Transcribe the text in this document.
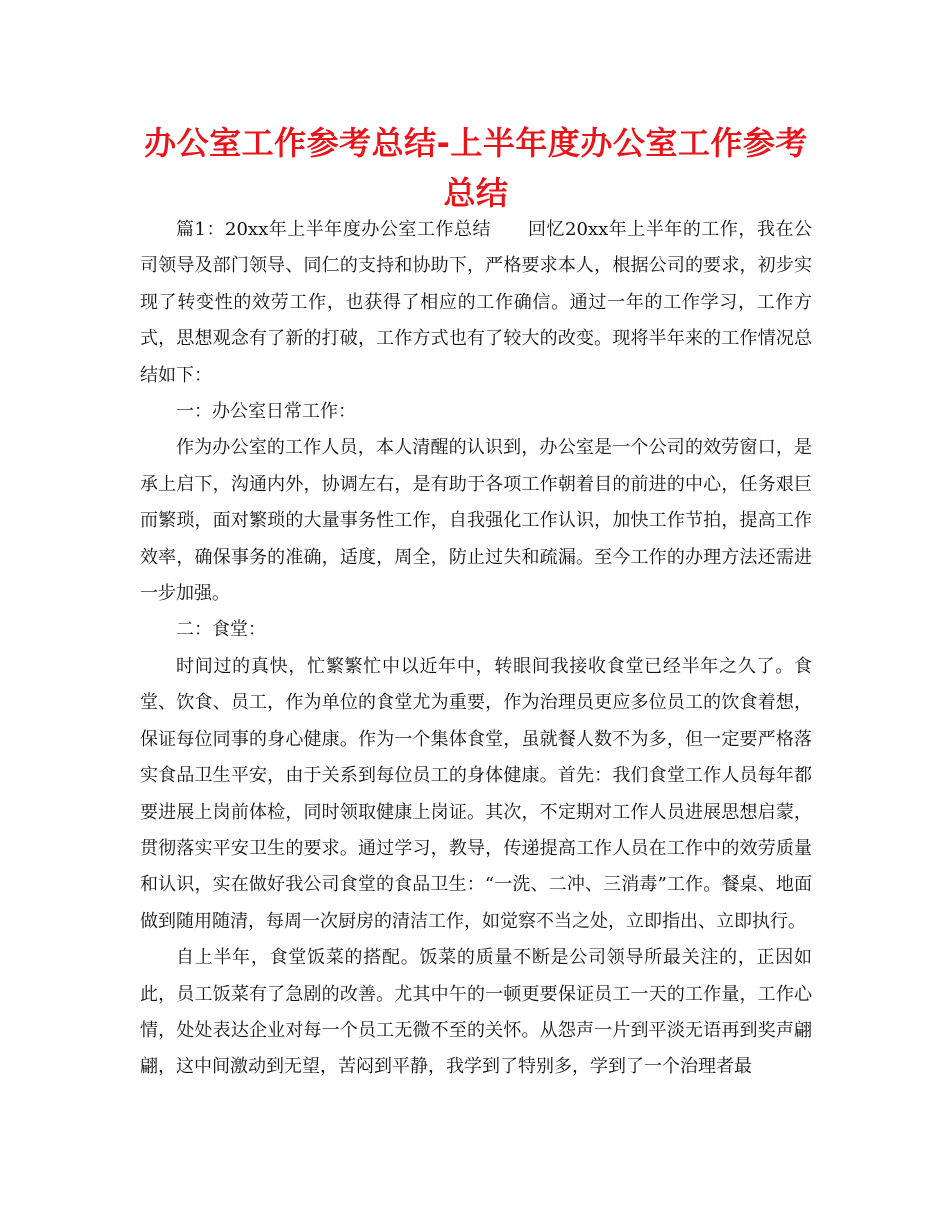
办公室工作参考总结-上半年度办公室工作参考总结

篇1：20xx年上半年度办公室工作总结　　回忆20xx年上半年的工作，我在公司领导及部门领导、同仁的支持和协助下，严格要求本人，根据公司的要求，初步实现了转变性的效劳工作，也获得了相应的工作确信。通过一年的工作学习，工作方式，思想观念有了新的打破，工作方式也有了较大的改变。现将半年来的工作情况总结如下：

一：办公室日常工作：

作为办公室的工作人员，本人清醒的认识到，办公室是一个公司的效劳窗口，是承上启下，沟通内外，协调左右，是有助于各项工作朝着目的前进的中心，任务艰巨而繁琐，面对繁琐的大量事务性工作，自我强化工作认识，加快工作节拍，提高工作效率，确保事务的准确，适度，周全，防止过失和疏漏。至今工作的办理方法还需进一步加强。

二：食堂：

时间过的真快，忙繁繁忙中以近年中，转眼间我接收食堂已经半年之久了。食堂、饮食、员工，作为单位的食堂尤为重要，作为治理员更应多位员工的饮食着想，保证每位同事的身心健康。作为一个集体食堂，虽就餐人数不为多，但一定要严格落实食品卫生平安，由于关系到每位员工的身体健康。首先：我们食堂工作人员每年都要进展上岗前体检，同时领取健康上岗证。其次，不定期对工作人员进展思想启蒙，贯彻落实平安卫生的要求。通过学习，教导，传递提高工作人员在工作中的效劳质量和认识，实在做好我公司食堂的食品卫生：“一洗、二冲、三消毒”工作。餐桌、地面做到随用随清，每周一次厨房的清洁工作，如觉察不当之处，立即指出、立即执行。

自上半年，食堂饭菜的搭配。饭菜的质量不断是公司领导所最关注的，正因如此，员工饭菜有了急剧的改善。尤其中午的一顿更要保证员工一天的工作量，工作心情，处处表达企业对每一个员工无微不至的关怀。从怨声一片到平淡无语再到奖声翩翩，这中间激动到无望，苦闷到平静，我学到了特别多，学到了一个治理者最
